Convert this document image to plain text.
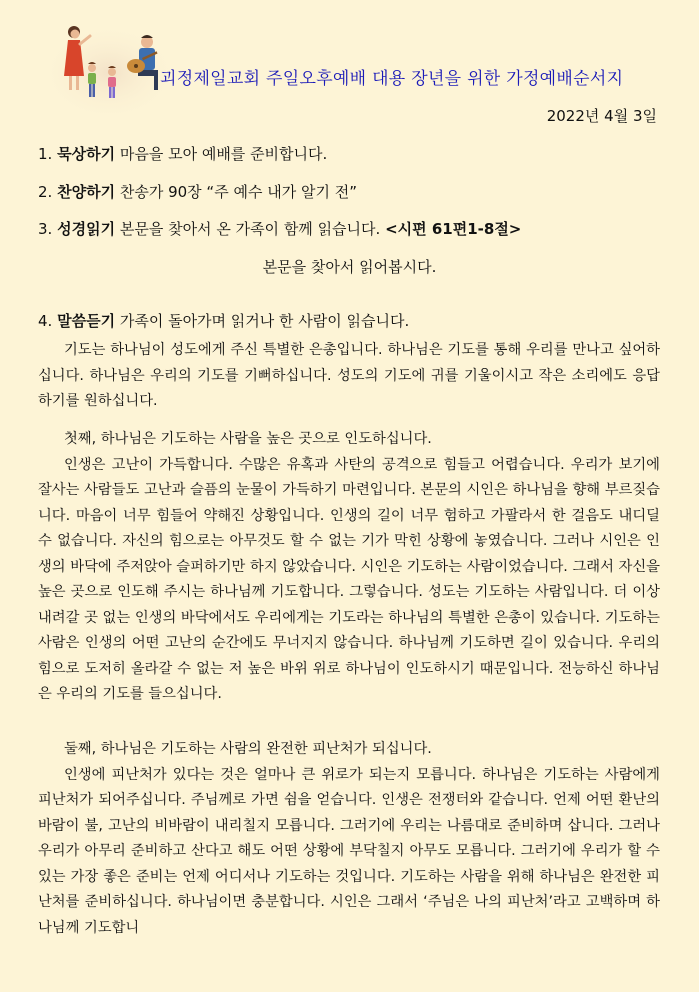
괴정제일교회 주일오후예배 대용 장년을 위한 가정예배순서지
2022년 4월 3일
1. 묵상하기 마음을 모아 예배를 준비합니다.
2. 찬양하기 찬송가 90장 “주 예수 내가 알기 전”
3. 성경읽기 본문을 찾아서 온 가족이 함께 읽습니다. <시편 61편1-8절>
본문을 찾아서 읽어봅시다.
4. 말씀듣기 가족이 돌아가며 읽거나 한 사람이 읽습니다.

기도는 하나님이 성도에게 주신 특별한 은총입니다. 하나님은 기도를 통해 우리를 만나고 싶어하십니다. 하나님은 우리의 기도를 기뻐하십니다. 성도의 기도에 귀를 기울이시고 작은 소리에도 응답하기를 원하십니다.

첫째, 하나님은 기도하는 사람을 높은 곳으로 인도하십니다.

인생은 고난이 가득합니다. 수많은 유혹과 사탄의 공격으로 힘들고 어렵습니다. 우리가 보기에 잘사는 사람들도 고난과 슬픔의 눈물이 가득하기 마련입니다. 본문의 시인은 하나님을 향해 부르짖습니다. 마음이 너무 힘들어 약해진 상황입니다. 인생의 길이 너무 험하고 가팔라서 한 걸음도 내디딜 수 없습니다. 자신의 힘으로는 아무것도 할 수 없는 기가 막힌 상황에 놓였습니다. 그러나 시인은 인생의 바닥에 주저앉아 슬퍼하기만 하지 않았습니다. 시인은 기도하는 사람이었습니다. 그래서 자신을 높은 곳으로 인도해 주시는 하나님께 기도합니다. 그렇습니다. 성도는 기도하는 사람입니다. 더 이상 내려갈 곳 없는 인생의 바닥에서도 우리에게는 기도라는 하나님의 특별한 은총이 있습니다. 기도하는 사람은 인생의 어떤 고난의 순간에도 무너지지 않습니다. 하나님께 기도하면 길이 있습니다. 우리의 힘으로 도저히 올라갈 수 없는 저 높은 바위 위로 하나님이 인도하시기 때문입니다. 전능하신 하나님은 우리의 기도를 들으십니다.

둘째, 하나님은 기도하는 사람의 완전한 피난처가 되십니다.

인생에 피난처가 있다는 것은 얼마나 큰 위로가 되는지 모릅니다. 하나님은 기도하는 사람에게 피난처가 되어주십니다. 주님께로 가면 쉼을 얻습니다. 인생은 전쟁터와 같습니다. 언제 어떤 환난의 바람이 불, 고난의 비바람이 내리칠지 모릅니다. 그러기에 우리는 나름대로 준비하며 삽니다. 그러나 우리가 아무리 준비하고 산다고 해도 어떤 상황에 부닥칠지 아무도 모릅니다. 그러기에 우리가 할 수 있는 가장 좋은 준비는 언제 어디서나 기도하는 것입니다. 기도하는 사람을 위해 하나님은 완전한 피난처를 준비하십니다. 하나님이면 충분합니다. 시인은 그래서 ‘주님은 나의 피난처’라고 고백하며 하나님께 기도합니
